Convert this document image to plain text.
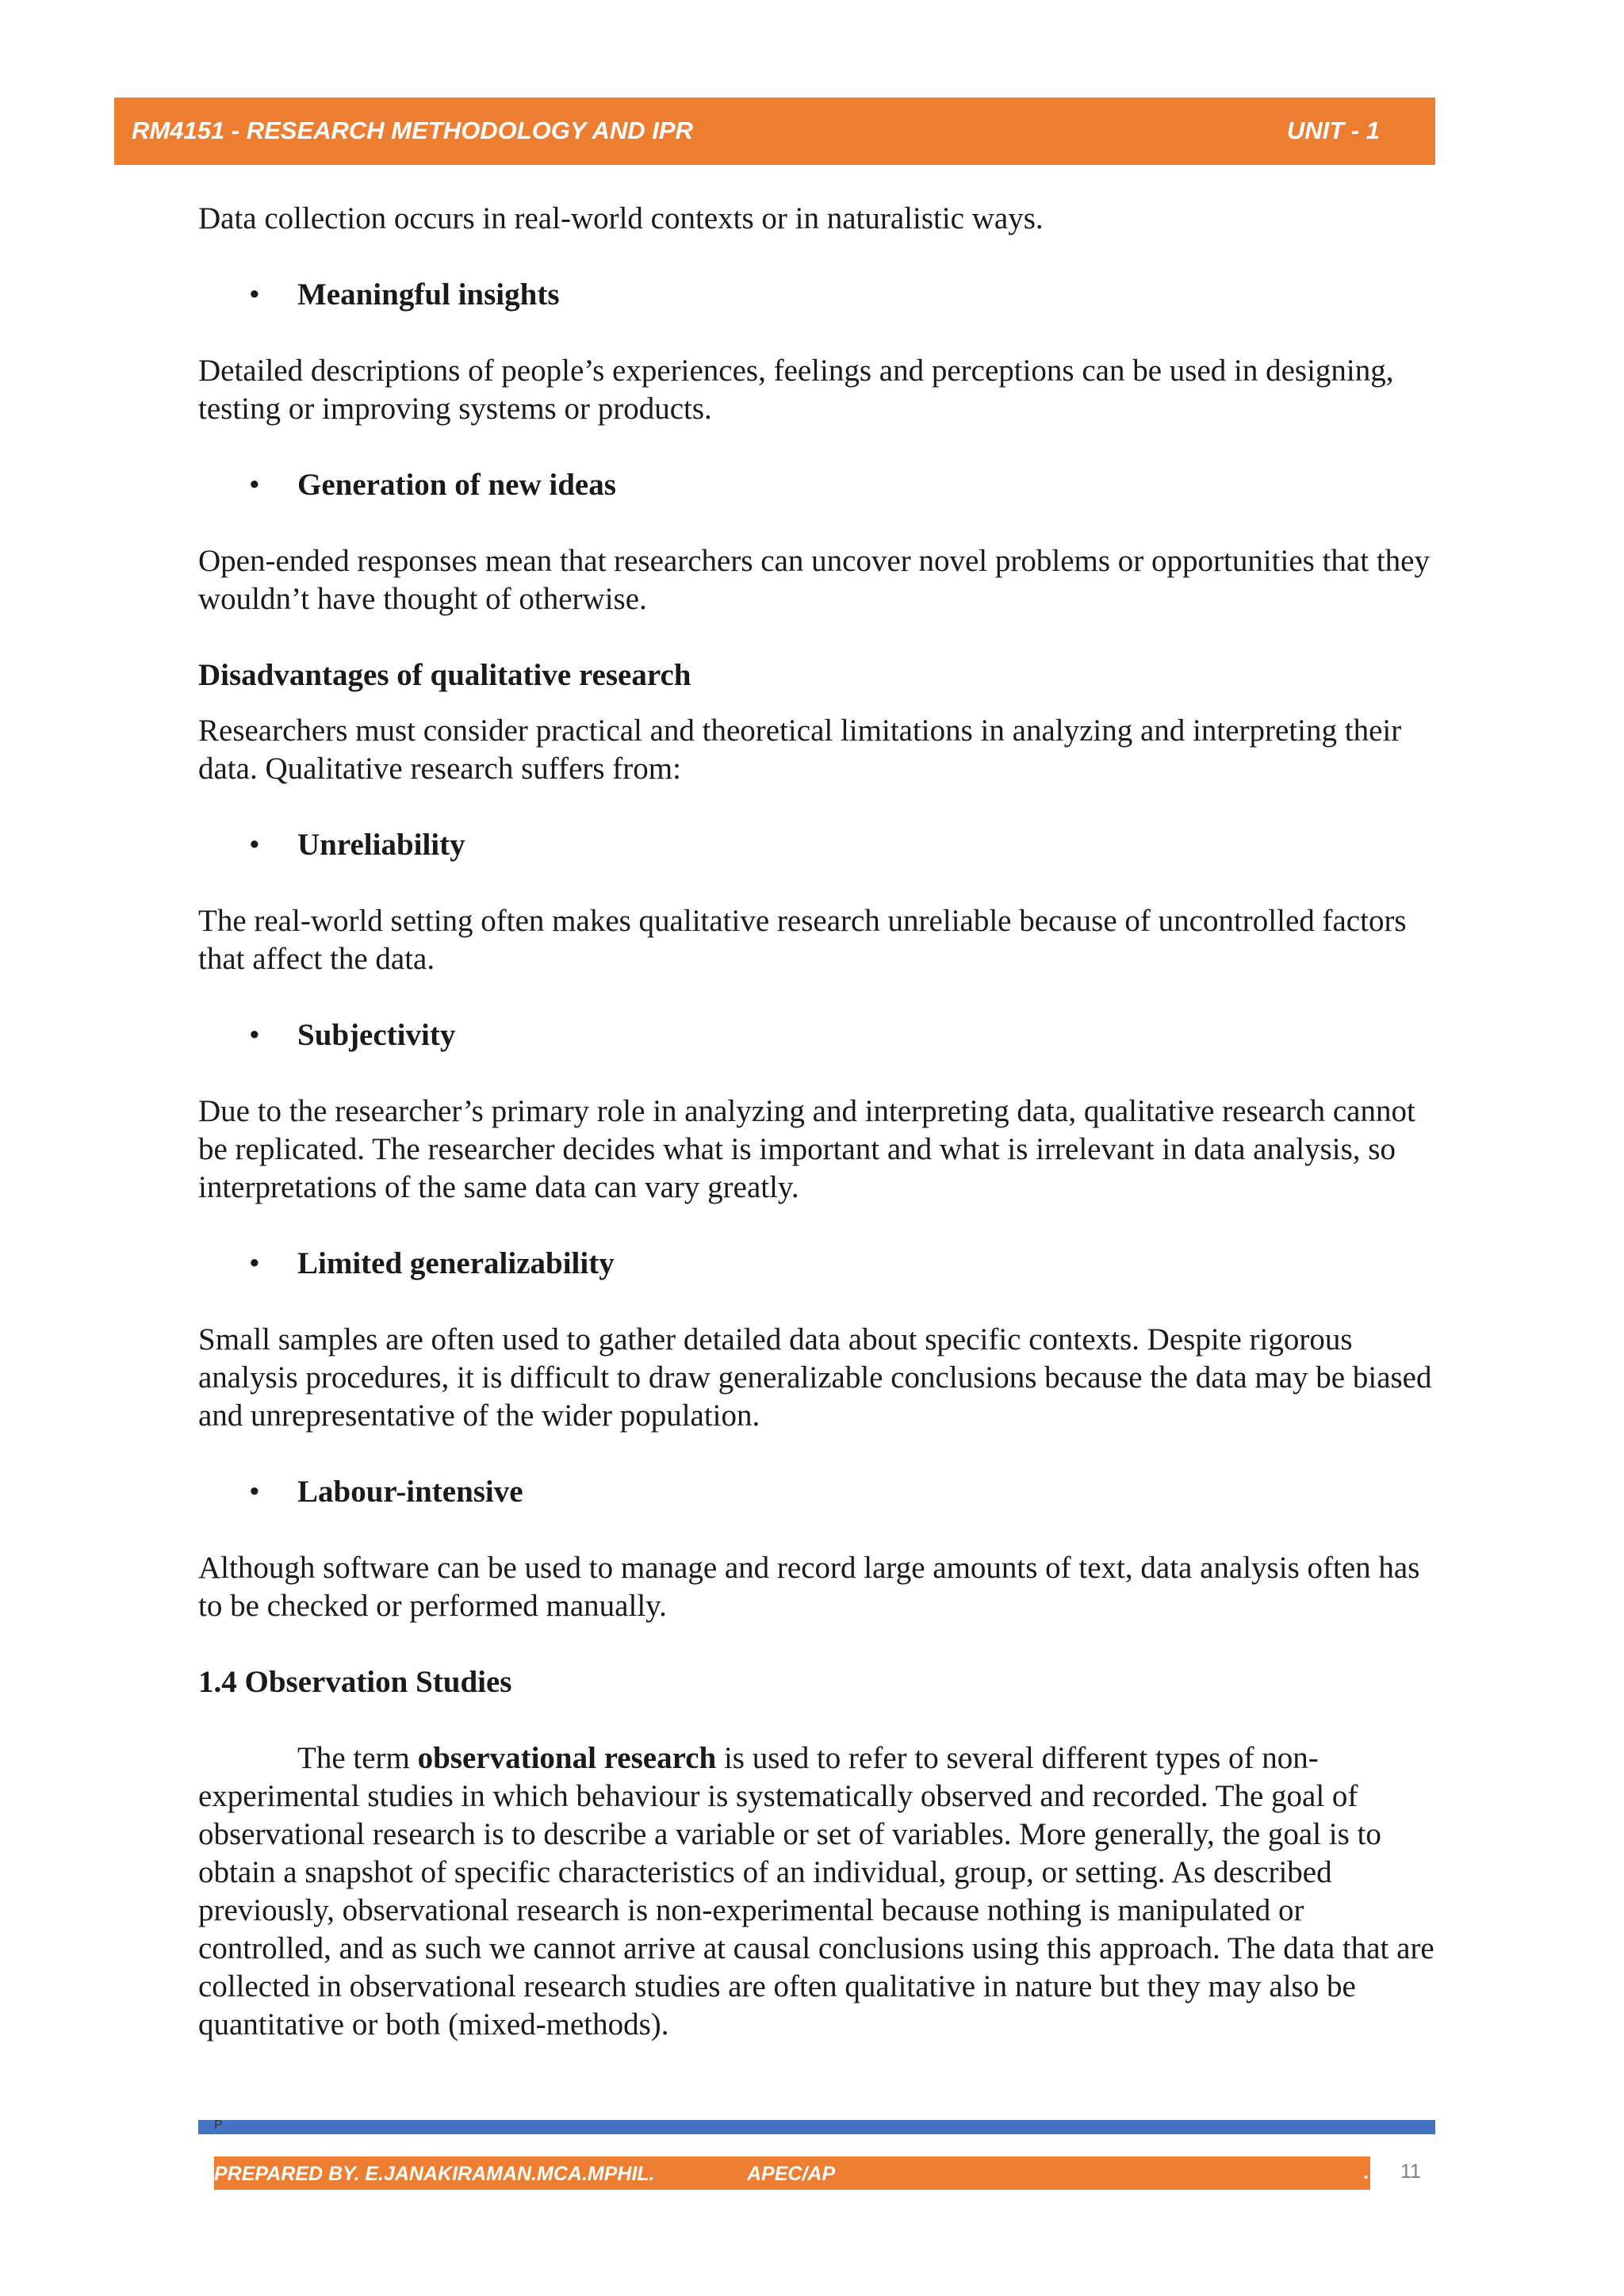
RM4151 - RESEARCH METHODOLOGY AND IPR	UNIT - 1

Data collection occurs in real-world contexts or in naturalistic ways.

• Meaningful insights

Detailed descriptions of people’s experiences, feelings and perceptions can be used in designing, testing or improving systems or products.

• Generation of new ideas

Open-ended responses mean that researchers can uncover novel problems or opportunities that they wouldn’t have thought of otherwise.

Disadvantages of qualitative research

Researchers must consider practical and theoretical limitations in analyzing and interpreting their data. Qualitative research suffers from:

• Unreliability

The real-world setting often makes qualitative research unreliable because of uncontrolled factors that affect the data.

• Subjectivity

Due to the researcher’s primary role in analyzing and interpreting data, qualitative research cannot be replicated. The researcher decides what is important and what is irrelevant in data analysis, so interpretations of the same data can vary greatly.

• Limited generalizability

Small samples are often used to gather detailed data about specific contexts. Despite rigorous analysis procedures, it is difficult to draw generalizable conclusions because the data may be biased and unrepresentative of the wider population.

• Labour-intensive

Although software can be used to manage and record large amounts of text, data analysis often has to be checked or performed manually.

1.4 Observation Studies

The term observational research is used to refer to several different types of non-experimental studies in which behaviour is systematically observed and recorded. The goal of observational research is to describe a variable or set of variables. More generally, the goal is to obtain a snapshot of specific characteristics of an individual, group, or setting. As described previously, observational research is non-experimental because nothing is manipulated or controlled, and as such we cannot arrive at causal conclusions using this approach. The data that are collected in observational research studies are often qualitative in nature but they may also be quantitative or both (mixed-methods).

P
PREPARED BY. E.JANAKIRAMAN.MCA.MPHIL.	APEC/AP	. 11
